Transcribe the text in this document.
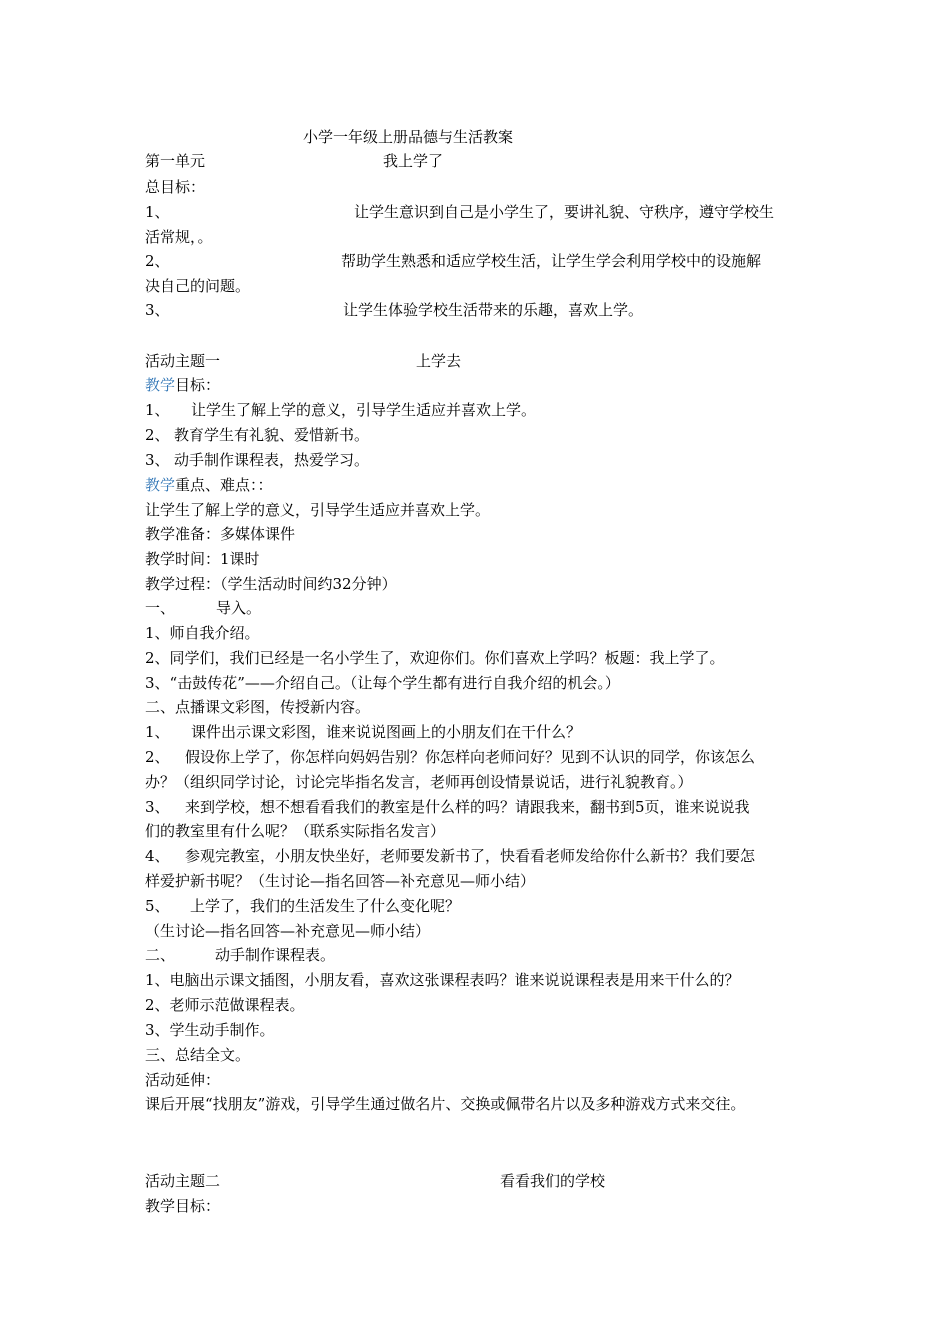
小学一年级上册品德与生活教案
第一单元	我上学了
总目标：
1、	让学生意识到自己是小学生了，要讲礼貌、守秩序，遵守学校生
活常规，。
2、	帮助学生熟悉和适应学校生活，让学生学会利用学校中的设施解
决自己的问题。
3、	让学生体验学校生活带来的乐趣，喜欢上学。
活动主题一	上学去
教学目标：
1、 让学生了解上学的意义，引导学生适应并喜欢上学。
2、 教育学生有礼貌、爱惜新书。
3、 动手制作课程表，热爱学习。
教学重点、难点：：
让学生了解上学的意义，引导学生适应并喜欢上学。
教学准备：多媒体课件
教学时间：1课时
教学过程：（学生活动时间约32分钟）
一、	导入。
1、师自我介绍。
2、同学们，我们已经是一名小学生了，欢迎你们。你们喜欢上学吗？板题：我上学了。
3、“击鼓传花”——介绍自己。（让每个学生都有进行自我介绍的机会。）
二、点播课文彩图，传授新内容。
1、 课件出示课文彩图，谁来说说图画上的小朋友们在干什么？
2、 假设你上学了，你怎样向妈妈告别？你怎样向老师问好？见到不认识的同学，你该怎么
办？（组织同学讨论，讨论完毕指名发言，老师再创设情景说话，进行礼貌教育。）
3、 来到学校，想不想看看我们的教室是什么样的吗？请跟我来，翻书到5页，谁来说说我
们的教室里有什么呢？（联系实际指名发言）
4、 参观完教室，小朋友快坐好，老师要发新书了，快看看老师发给你什么新书？我们要怎
样爱护新书呢？（生讨论—指名回答—补充意见—师小结）
5、 上学了，我们的生活发生了什么变化呢？
（生讨论—指名回答—补充意见—师小结）
二、	动手制作课程表。
1、电脑出示课文插图，小朋友看，喜欢这张课程表吗？谁来说说课程表是用来干什么的？
2、老师示范做课程表。
3、学生动手制作。
三、总结全文。
活动延伸：
课后开展“找朋友”游戏，引导学生通过做名片、交换或佩带名片以及多种游戏方式来交往。
活动主题二	看看我们的学校
教学目标：
